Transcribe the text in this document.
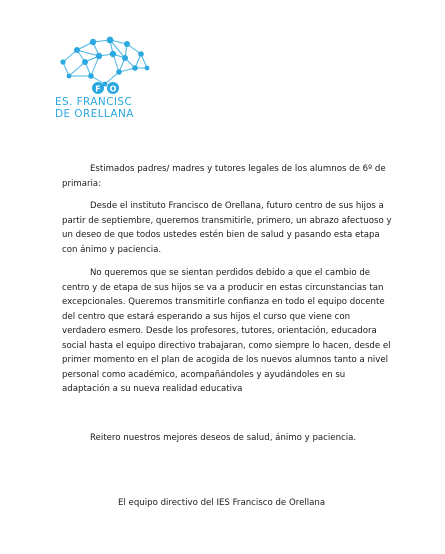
F O
ES. FRANCISC
DE ORELLANA

Estimados padres/ madres y tutores legales de los alumnos de 6º de primaria:

Desde el instituto Francisco de Orellana, futuro centro de sus hijos a partir de septiembre, queremos transmitirle, primero, un abrazo afectuoso y un deseo de que todos ustedes estén bien de salud y pasando esta etapa con ánimo y paciencia.

No queremos que se sientan perdidos debido a que el cambio de centro y de etapa de sus hijos se va a producir en estas circunstancias tan excepcionales. Queremos transmitirle confianza en todo el equipo docente del centro que estará esperando a sus hijos el curso que viene con verdadero esmero. Desde los profesores, tutores, orientación, educadora social hasta el equipo directivo trabajaran, como siempre lo hacen, desde el primer momento en el plan de acogida de los nuevos alumnos tanto a nivel personal como académico, acompañándoles y ayudándoles en su adaptación a su nueva realidad educativa

Reitero nuestros mejores deseos de salud, ánimo y paciencia.

El equipo directivo del IES Francisco de Orellana
